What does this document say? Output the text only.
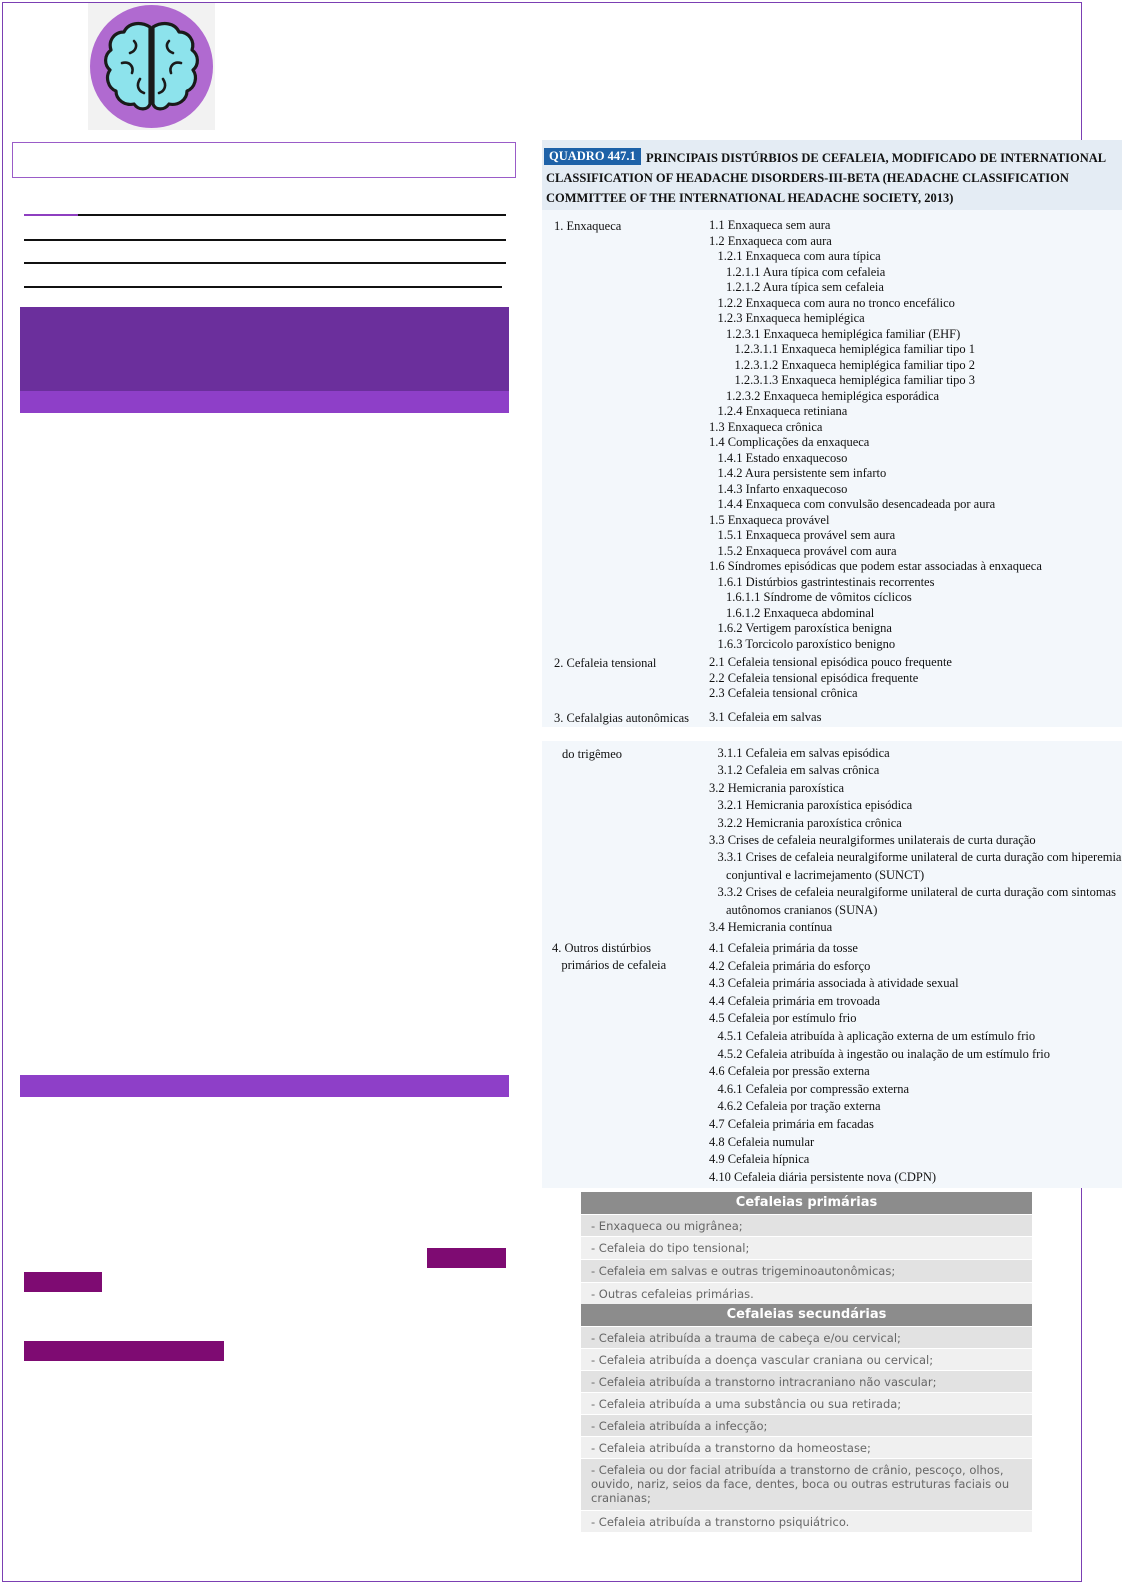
PRINCIPAIS DISTÚRBIOS DE CEFALEIA, MODIFICADO DE INTERNATIONAL CLASSIFICATION OF HEADACHE DISORDERS-III-BETA (HEADACHE CLASSIFICATION COMMITTEE OF THE INTERNATIONAL HEADACHE SOCIETY, 2013)

QUADRO 447.1
1. Enxaqueca
2. Cefaleia tensional
3. Cefalalgias autonômicas
do trigêmeo
4. Outros distúrbios
primários de cefaleia
1.1 Enxaqueca sem aura
1.2 Enxaqueca com aura
1.2.1 Enxaqueca com aura típica
1.2.1.1 Aura típica com cefaleia
1.2.1.2 Aura típica sem cefaleia
1.2.2 Enxaqueca com aura no tronco encefálico
1.2.3 Enxaqueca hemiplégica
1.2.3.1 Enxaqueca hemiplégica familiar (EHF)
1.2.3.1.1 Enxaqueca hemiplégica familiar tipo 1
1.2.3.1.2 Enxaqueca hemiplégica familiar tipo 2
1.2.3.1.3 Enxaqueca hemiplégica familiar tipo 3
1.2.3.2 Enxaqueca hemiplégica esporádica
1.2.4 Enxaqueca retiniana
1.3 Enxaqueca crônica
1.4 Complicações da enxaqueca
1.4.1 Estado enxaquecoso
1.4.2 Aura persistente sem infarto
1.4.3 Infarto enxaquecoso
1.4.4 Enxaqueca com convulsão desencadeada por aura
1.5 Enxaqueca provável
1.5.1 Enxaqueca provável sem aura
1.5.2 Enxaqueca provável com aura
1.6 Síndromes episódicas que podem estar associadas à enxaqueca
1.6.1 Distúrbios gastrintestinais recorrentes
1.6.1.1 Síndrome de vômitos cíclicos
1.6.1.2 Enxaqueca abdominal
1.6.2 Vertigem paroxística benigna
1.6.3 Torcicolo paroxístico benigno
2.1 Cefaleia tensional episódica pouco frequente
2.2 Cefaleia tensional episódica frequente
2.3 Cefaleia tensional crônica
3.1 Cefaleia em salvas
3.1.1 Cefaleia em salvas episódica
3.1.2 Cefaleia em salvas crônica
3.2 Hemicrania paroxística
3.2.1 Hemicrania paroxística episódica
3.2.2 Hemicrania paroxística crônica
3.3 Crises de cefaleia neuralgiformes unilaterais de curta duração
3.3.1 Crises de cefaleia neuralgiforme unilateral de curta duração com hiperemia
conjuntival e lacrimejamento (SUNCT)
3.3.2 Crises de cefaleia neuralgiforme unilateral de curta duração com sintomas
autônomos cranianos (SUNA)
3.4 Hemicrania contínua
4.1 Cefaleia primária da tosse
4.2 Cefaleia primária do esforço
4.3 Cefaleia primária associada à atividade sexual
4.4 Cefaleia primária em trovoada
4.5 Cefaleia por estímulo frio
4.5.1 Cefaleia atribuída à aplicação externa de um estímulo frio
4.5.2 Cefaleia atribuída à ingestão ou inalação de um estímulo frio
4.6 Cefaleia por pressão externa
4.6.1 Cefaleia por compressão externa
4.6.2 Cefaleia por tração externa
4.7 Cefaleia primária em facadas
4.8 Cefaleia numular
4.9 Cefaleia hípnica
4.10 Cefaleia diária persistente nova (CDPN)
Cefaleias primárias
- Enxaqueca ou migrânea;
- Cefaleia do tipo tensional;
- Cefaleia em salvas e outras trigeminoautonômicas;
- Outras cefaleias primárias.
Cefaleias secundárias
- Cefaleia atribuída a trauma de cabeça e/ou cervical;
- Cefaleia atribuída a doença vascular craniana ou cervical;
- Cefaleia atribuída a transtorno intracraniano não vascular;
- Cefaleia atribuída a uma substância ou sua retirada;
- Cefaleia atribuída a infecção;
- Cefaleia atribuída a transtorno da homeostase;
- Cefaleia ou dor facial atribuída a transtorno de crânio, pescoço, olhos, ouvido, nariz, seios da face, dentes, boca ou outras estruturas faciais ou cranianas;
- Cefaleia atribuída a transtorno psiquiátrico.
